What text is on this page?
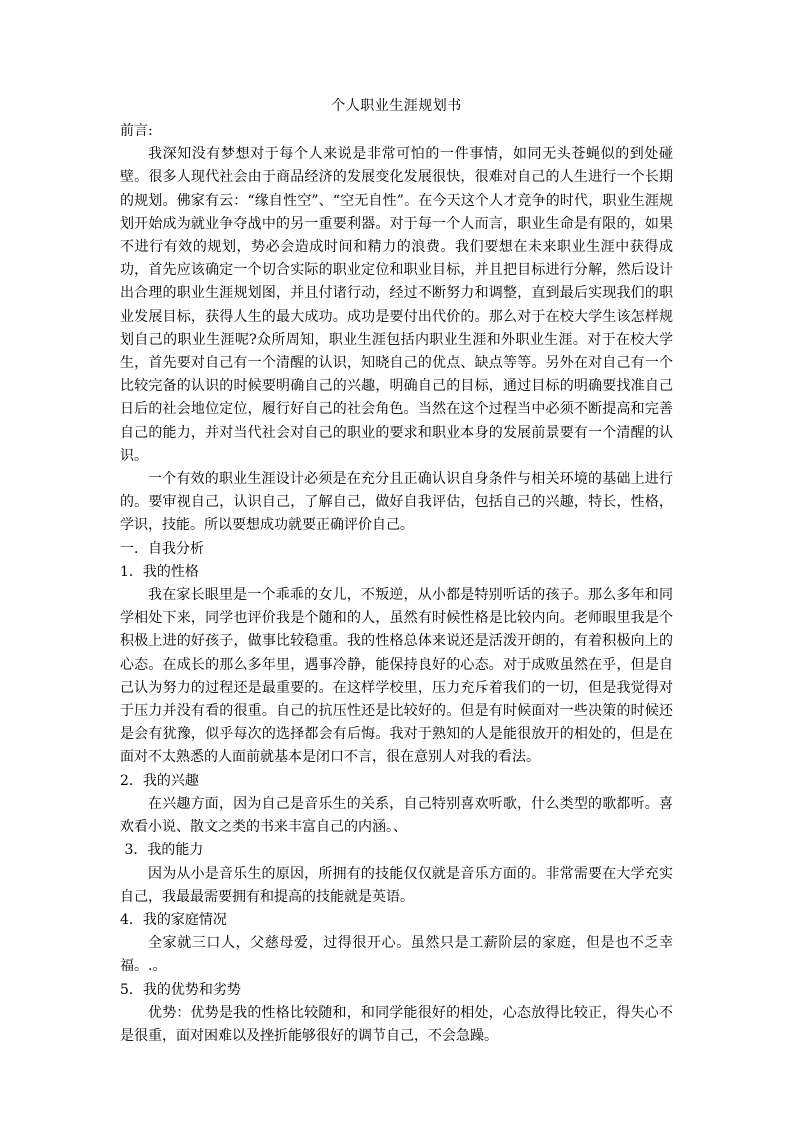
个人职业生涯规划书

前言:

我深知没有梦想对于每个人来说是非常可怕的一件事情，如同无头苍蝇似的到处碰壁。很多人现代社会由于商品经济的发展变化发展很快，很难对自己的人生进行一个长期的规划。佛家有云：“缘自性空”、“空无自性”。在今天这个人才竞争的时代，职业生涯规划开始成为就业争夺战中的另一重要利器。对于每一个人而言，职业生命是有限的，如果不进行有效的规划，势必会造成时间和精力的浪费。我们要想在未来职业生涯中获得成功，首先应该确定一个切合实际的职业定位和职业目标，并且把目标进行分解，然后设计出合理的职业生涯规划图，并且付诸行动，经过不断努力和调整，直到最后实现我们的职业发展目标，获得人生的最大成功。成功是要付出代价的。那么对于在校大学生该怎样规划自己的职业生涯呢?众所周知，职业生涯包括内职业生涯和外职业生涯。对于在校大学生，首先要对自己有一个清醒的认识，知晓自己的优点、缺点等等。另外在对自己有一个比较完备的认识的时候要明确自己的兴趣，明确自己的目标，通过目标的明确要找准自己日后的社会地位定位，履行好自己的社会角色。当然在这个过程当中必须不断提高和完善自己的能力，并对当代社会对自己的职业的要求和职业本身的发展前景要有一个清醒的认识。

一个有效的职业生涯设计必须是在充分且正确认识自身条件与相关环境的基础上进行的。要审视自己，认识自己，了解自己，做好自我评估，包括自己的兴趣，特长，性格，学识，技能。所以要想成功就要正确评价自己。

一．自我分析

1．我的性格

我在家长眼里是一个乖乖的女儿，不叛逆，从小都是特别听话的孩子。那么多年和同学相处下来，同学也评价我是个随和的人，虽然有时候性格是比较内向。老师眼里我是个积极上进的好孩子，做事比较稳重。我的性格总体来说还是活泼开朗的，有着积极向上的心态。在成长的那么多年里，遇事冷静，能保持良好的心态。对于成败虽然在乎，但是自己认为努力的过程还是最重要的。在这样学校里，压力充斥着我们的一切，但是我觉得对于压力并没有看的很重。自己的抗压性还是比较好的。但是有时候面对一些决策的时候还是会有犹豫，似乎每次的选择都会有后悔。我对于熟知的人是能很放开的相处的，但是在面对不太熟悉的人面前就基本是闭口不言，很在意别人对我的看法。

2．我的兴趣

在兴趣方面，因为自己是音乐生的关系，自己特别喜欢听歌，什么类型的歌都听。喜欢看小说、散文之类的书来丰富自己的内涵。、

3．我的能力

因为从小是音乐生的原因，所拥有的技能仅仅就是音乐方面的。非常需要在大学充实自己，我最最需要拥有和提高的技能就是英语。

4．我的家庭情况

全家就三口人，父慈母爱，过得很开心。虽然只是工薪阶层的家庭，但是也不乏幸福。.。

5．我的优势和劣势

优势：优势是我的性格比较随和，和同学能很好的相处，心态放得比较正，得失心不是很重，面对困难以及挫折能够很好的调节自己，不会急躁。
